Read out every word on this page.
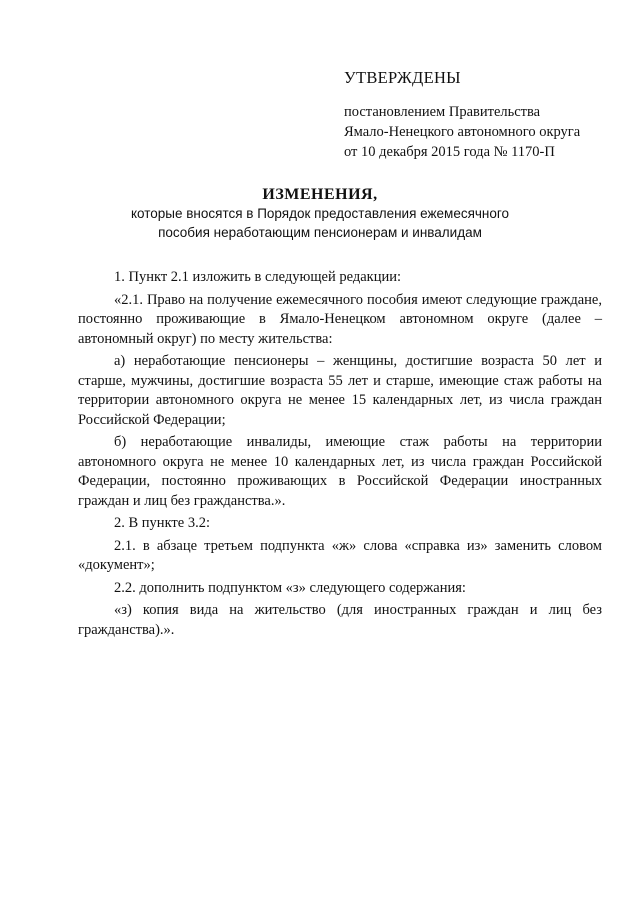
УТВЕРЖДЕНЫ
постановлением Правительства
Ямало-Ненецкого автономного округа
от 10 декабря 2015 года № 1170-П
ИЗМЕНЕНИЯ,
которые вносятся в Порядок предоставления ежемесячного
пособия неработающим пенсионерам и инвалидам

1. Пункт 2.1 изложить в следующей редакции:

«2.1. Право на получение ежемесячного пособия имеют следующие граждане, постоянно проживающие в Ямало-Ненецком автономном округе (далее – автономный округ) по месту жительства:

а) неработающие пенсионеры – женщины, достигшие возраста 50 лет и старше, мужчины, достигшие возраста 55 лет и старше, имеющие стаж работы на территории автономного округа не менее 15 календарных лет, из числа граждан Российской Федерации;

б) неработающие инвалиды, имеющие стаж работы на территории автономного округа не менее 10 календарных лет, из числа граждан Российской Федерации, постоянно проживающих в Российской Федерации иностранных граждан и лиц без гражданства.».

2. В пункте 3.2:

2.1. в абзаце третьем подпункта «ж» слова «справка из» заменить словом «документ»;

2.2. дополнить подпунктом «з» следующего содержания:

«з) копия вида на жительство (для иностранных граждан и лиц без гражданства).».
